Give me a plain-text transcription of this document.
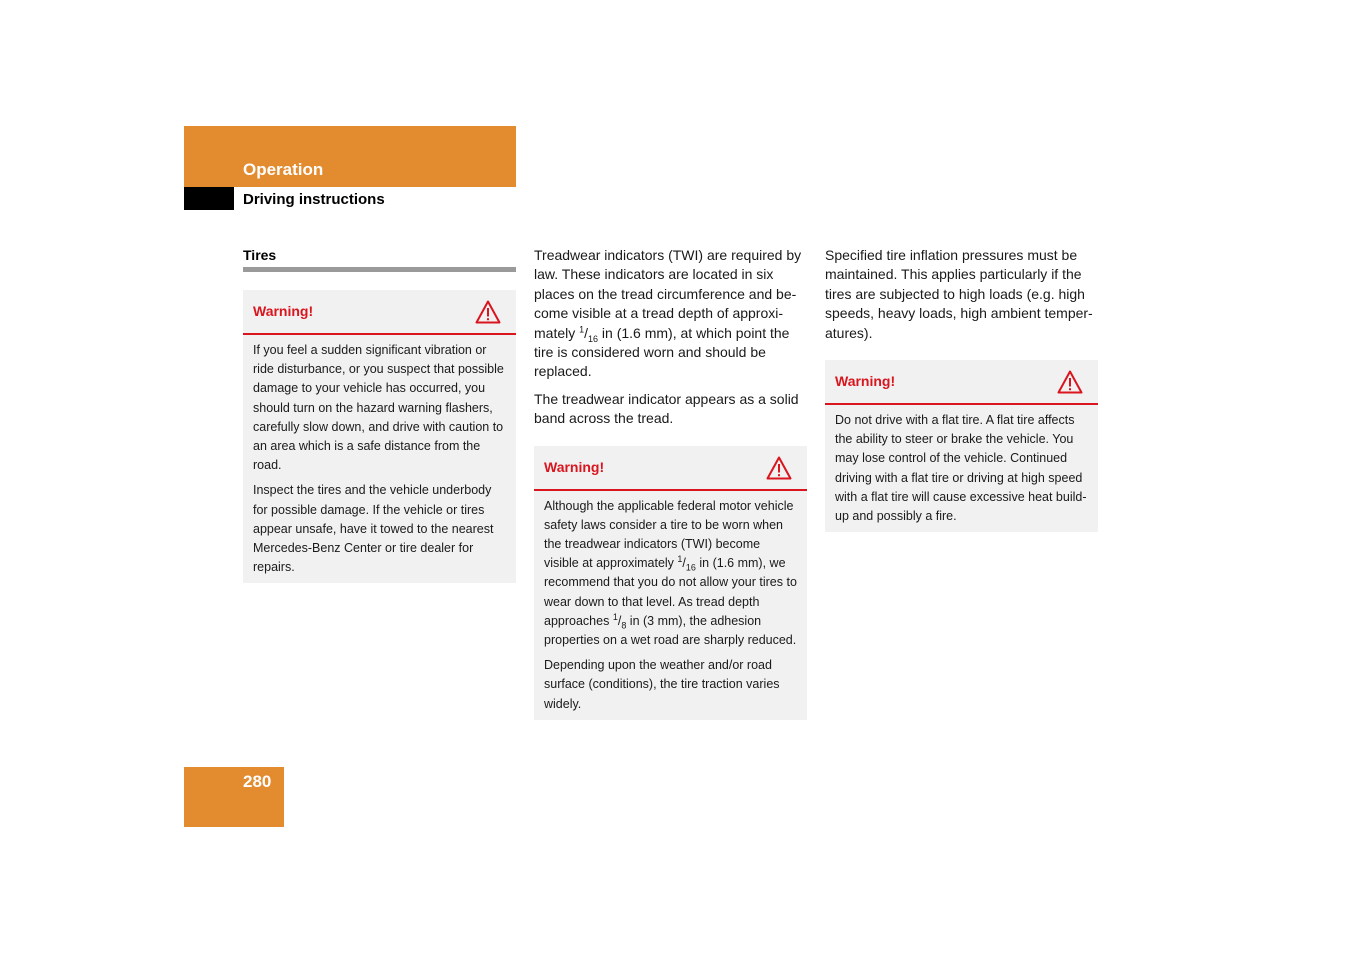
Operation
Driving instructions
Tires
Warning!

If you feel a sudden significant vibration or ride disturbance, or you suspect that possible damage to your vehicle has occurred, you should turn on the hazard warning flashers, carefully slow down, and drive with caution to an area which is a safe distance from the road.

Inspect the tires and the vehicle underbody for possible damage. If the vehicle or tires appear unsafe, have it towed to the nearest Mercedes-Benz Center or tire dealer for repairs.

Treadwear indicators (TWI) are required by law. These indicators are located in six places on the tread circumference and become visible at a tread depth of approximately $^1/_{16}$ in (1.6 mm), at which point the tire is considered worn and should be replaced.

The treadwear indicator appears as a solid band across the tread.

Warning!

Although the applicable federal motor vehicle safety laws consider a tire to be worn when the treadwear indicators (TWI) become visible at approximately $^1/_{16}$ in (1.6 mm), we recommend that you do not allow your tires to wear down to that level. As tread depth approaches $^1/_8$ in (3 mm), the adhesion properties on a wet road are sharply reduced.

Depending upon the weather and/or road surface (conditions), the tire traction varies widely.

Specified tire inflation pressures must be maintained. This applies particularly if the tires are subjected to high loads (e.g. high speeds, heavy loads, high ambient temperatures).

Warning!

Do not drive with a flat tire. A flat tire affects the ability to steer or brake the vehicle. You may lose control of the vehicle. Continued driving with a flat tire or driving at high speed with a flat tire will cause excessive heat build-up and possibly a fire.

280
